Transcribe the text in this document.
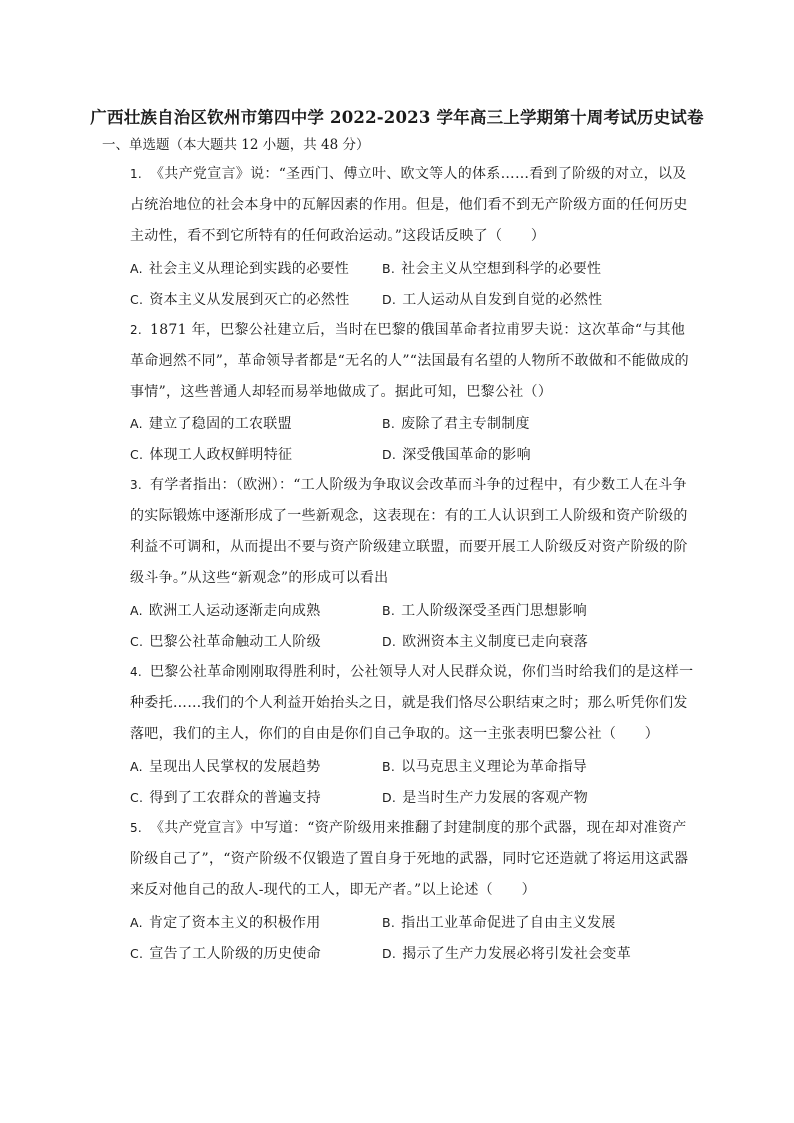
广西壮族自治区钦州市第四中学 2022-2023 学年高三上学期第十周考试历史试卷
一、单选题（本大题共 12 小题，共 48 分）
1. 《共产党宣言》说：“圣西门、傅立叶、欧文等人的体系……看到了阶级的对立，以及占统治地位的社会本身中的瓦解因素的作用。但是，他们看不到无产阶级方面的任何历史主动性，看不到它所特有的任何政治运动。”这段话反映了（　　）
A. 社会主义从理论到实践的必要性	B. 社会主义从空想到科学的必要性
C. 资本主义从发展到灭亡的必然性	D. 工人运动从自发到自觉的必然性
2. 1871 年，巴黎公社建立后，当时在巴黎的俄国革命者拉甫罗夫说：这次革命“与其他革命迥然不同”，革命领导者都是“无名的人”“法国最有名望的人物所不敢做和不能做成的事情”，这些普通人却轻而易举地做成了。据此可知，巴黎公社（）
A. 建立了稳固的工农联盟	B. 废除了君主专制制度
C. 体现工人政权鲜明特征	D. 深受俄国革命的影响
3. 有学者指出：（欧洲）：“工人阶级为争取议会改革而斗争的过程中，有少数工人在斗争的实际锻炼中逐渐形成了一些新观念，这表现在：有的工人认识到工人阶级和资产阶级的利益不可调和，从而提出不要与资产阶级建立联盟，而要开展工人阶级反对资产阶级的阶级斗争。”从这些“新观念”的形成可以看出
A. 欧洲工人运动逐渐走向成熟	B. 工人阶级深受圣西门思想影响
C. 巴黎公社革命触动工人阶级	D. 欧洲资本主义制度已走向衰落
4. 巴黎公社革命刚刚取得胜利时，公社领导人对人民群众说，你们当时给我们的是这样一种委托……我们的个人利益开始抬头之日，就是我们恪尽公职结束之时；那么听凭你们发落吧，我们的主人，你们的自由是你们自己争取的。这一主张表明巴黎公社（　　）
A. 呈现出人民掌权的发展趋势	B. 以马克思主义理论为革命指导
C. 得到了工农群众的普遍支持	D. 是当时生产力发展的客观产物
5. 《共产党宣言》中写道：“资产阶级用来推翻了封建制度的那个武器，现在却对准资产阶级自己了”，“资产阶级不仅锻造了置自身于死地的武器，同时它还造就了将运用这武器来反对他自己的敌人-现代的工人，即无产者。”以上论述（　　）
A. 肯定了资本主义的积极作用	B. 指出工业革命促进了自由主义发展
C. 宣告了工人阶级的历史使命	D. 揭示了生产力发展必将引发社会变革
